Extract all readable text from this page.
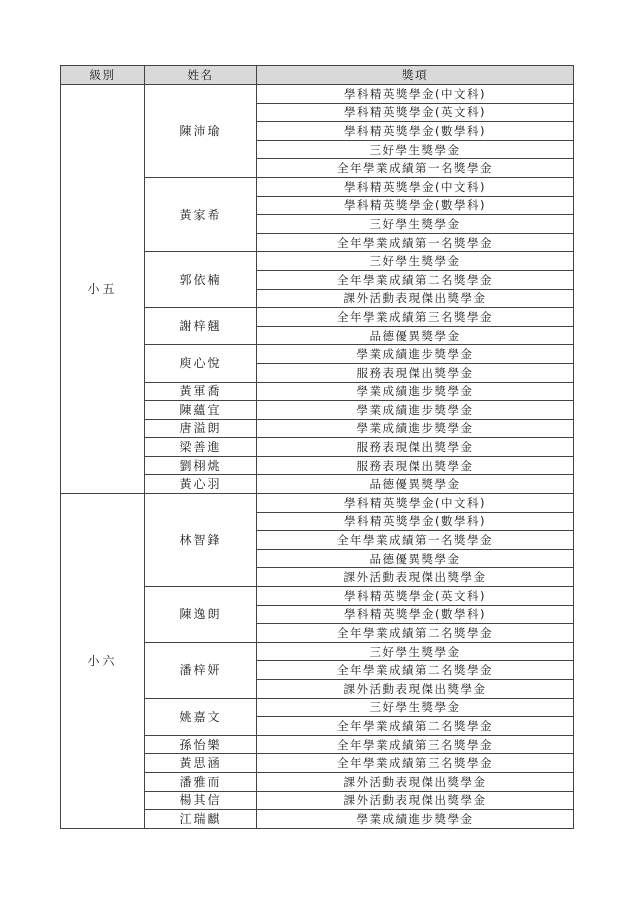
級別	姓名	獎項
小五	陳沛瑜	學科精英獎學金(中文科)
		學科精英獎學金(英文科)
		學科精英獎學金(數學科)
		三好學生獎學金
		全年學業成績第一名獎學金
	黃家希	學科精英獎學金(中文科)
		學科精英獎學金(數學科)
		三好學生獎學金
		全年學業成績第一名獎學金
	郭依楠	三好學生獎學金
		全年學業成績第二名獎學金
		課外活動表現傑出獎學金
	謝梓翹	全年學業成績第三名獎學金
		品德優異獎學金
	庾心悅	學業成績進步獎學金
		服務表現傑出獎學金
	黃軍喬	學業成績進步獎學金
	陳蘊宜	學業成績進步獎學金
	唐溢朗	學業成績進步獎學金
	梁善進	服務表現傑出獎學金
	劉栩烑	服務表現傑出獎學金
	黃心羽	品德優異獎學金
小六	林智鋒	學科精英獎學金(中文科)
		學科精英獎學金(數學科)
		全年學業成績第一名獎學金
		品德優異獎學金
		課外活動表現傑出獎學金
	陳逸朗	學科精英獎學金(英文科)
		學科精英獎學金(數學科)
		全年學業成績第二名獎學金
	潘梓妍	三好學生獎學金
		全年學業成績第二名獎學金
		課外活動表現傑出獎學金
	姚嘉文	三好學生獎學金
		全年學業成績第二名獎學金
	孫怡樂	全年學業成績第三名獎學金
	黃思涵	全年學業成績第三名獎學金
	潘雅而	課外活動表現傑出獎學金
	楊其信	課外活動表現傑出獎學金
	江瑞麒	學業成績進步獎學金
